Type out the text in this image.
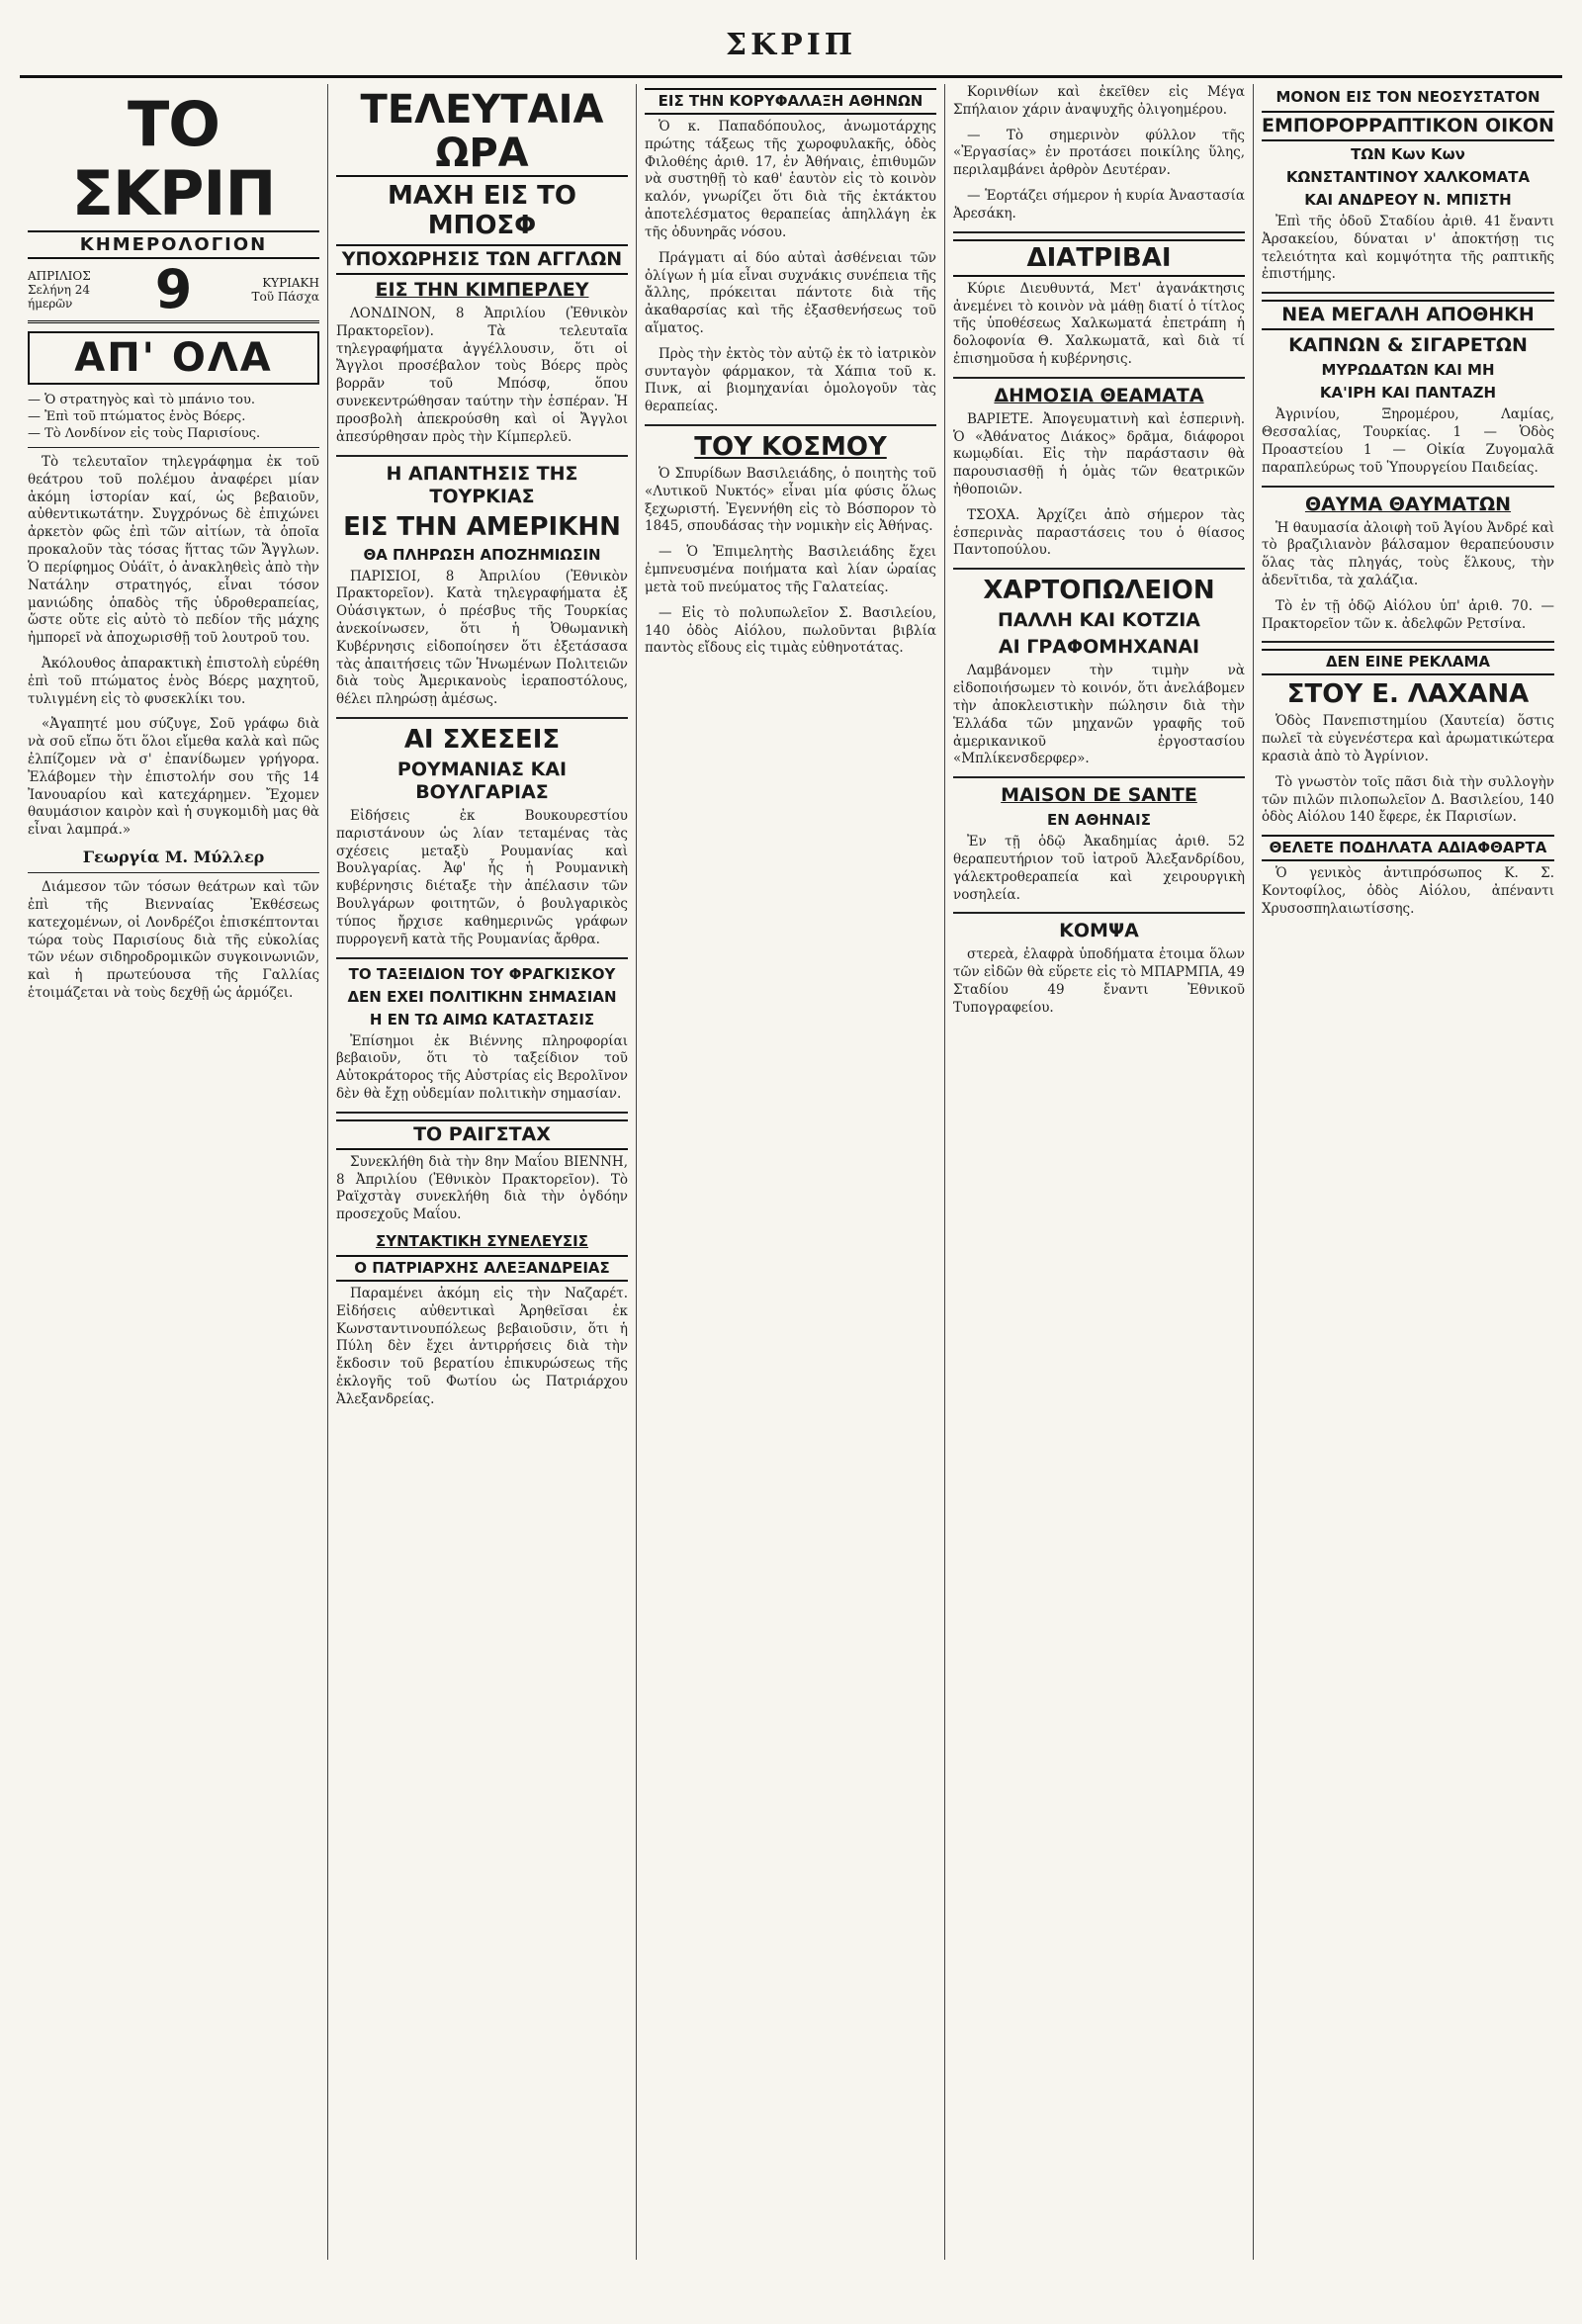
ΣΚΡΙΠ
ΤΟ ΣΚΡΙΠ
ΚΗΜΕΡΟΛΟΓΙΟΝ
ΑΠΡΙΛΙΟΣ
Σελήνη 24 ήμερῶν	9	ΚΥΡΙΑΚΗ
Τοῦ Πάσχα
ΑΠ' ΟΛΑ
— Ὁ στρατηγὸς καὶ τὸ μπάνιο του.
— Ἐπὶ τοῦ πτώματος ἑνὸς Βόερς.
— Τὸ Λονδίνον εἰς τοὺς Παρισίους.

Τὸ τελευταῖον τηλεγράφημα ἐκ τοῦ θεάτρου τοῦ πολέμου ἀναφέρει μίαν ἀκόμη ἱστορίαν καί, ὡς βεβαιοῦν, αὐθεντικωτάτην. Συγχρόνως δὲ ἐπιχώνει ἀρκετὸν φῶς ἐπὶ τῶν αἰτίων, τὰ ὁποῖα προκαλοῦν τὰς τόσας ἥττας τῶν Ἄγγλων. Ὁ περίφημος Οὐάϊτ, ὁ ἀνακληθεὶς ἀπὸ τὴν Νατάλην στρατηγός, εἶναι τόσον μανιώδης ὁπαδὸς τῆς ὑδροθεραπείας, ὥστε οὔτε εἰς αὐτὸ τὸ πεδίον τῆς μάχης ἠμπορεῖ νὰ ἀποχωρισθῇ τοῦ λουτροῦ του.

Ἀκόλουθος ἀπαρακτικὴ ἐπιστολὴ εὑρέθη ἐπὶ τοῦ πτώματος ἑνὸς Βόερς μαχητοῦ, τυλιγμένη εἰς τὸ φυσεκλίκι του.

«Ἀγαπητέ μου σύζυγε, Σοῦ γράφω διὰ νὰ σοῦ εἴπω ὅτι ὅλοι εἴμεθα καλὰ καὶ πῶς ἐλπίζομεν νὰ σ' ἐπανίδωμεν γρήγορα. Ἐλάβομεν τὴν ἐπιστολήν σου τῆς 14 Ἰανουαρίου καὶ κατεχάρημεν. Ἔχομεν θαυμάσιον καιρὸν καὶ ἡ συγκομιδὴ μας θὰ εἶναι λαμπρά.»

Γεωργία Μ. Μύλλερ

Διάμεσον τῶν τόσων θεάτρων καὶ τῶν ἐπὶ τῆς Βιενναίας Ἐκθέσεως κατεχομένων, οἱ Λονδρέζοι ἐπισκέπτονται τώρα τοὺς Παρισίους διὰ τῆς εὐκολίας τῶν νέων σιδηροδρομικῶν συγκοινωνιῶν, καὶ ἡ πρωτεύουσα τῆς Γαλλίας ἑτοιμάζεται νὰ τοὺς δεχθῇ ὡς ἁρμόζει.

ΤΕΛΕΥΤΑΙΑ ΩΡΑ
ΜΑΧΗ ΕΙΣ ΤΟ ΜΠΟΣΦ
ΥΠΟΧΩΡΗΣΙΣ ΤΩΝ ΑΓΓΛΩΝ
ΕΙΣ ΤΗΝ ΚΙΜΠΕΡΛΕΥ

ΛΟΝΔΙΝΟΝ, 8 Ἀπριλίου (Ἐθνικὸν Πρακτορεῖον). Τὰ τελευταῖα τηλεγραφήματα ἀγγέλλουσιν, ὅτι οἱ Ἄγγλοι προσέβαλον τοὺς Βόερς πρὸς βορρᾶν τοῦ Μπόσφ, ὅπου συνεκεντρώθησαν ταύτην τὴν ἑσπέραν. Ἡ προσβολὴ ἀπεκρούσθη καὶ οἱ Ἄγγλοι ἀπεσύρθησαν πρὸς τὴν Κίμπερλεϋ.

Η ΑΠΑΝΤΗΣΙΣ ΤΗΣ ΤΟΥΡΚΙΑΣ
ΕΙΣ ΤΗΝ ΑΜΕΡΙΚΗΝ
ΘΑ ΠΛΗΡΩΣΗ ΑΠΟΖΗΜΙΩΣΙΝ

ΠΑΡΙΣΙΟΙ, 8 Ἀπριλίου (Ἐθνικὸν Πρακτορεῖον). Κατὰ τηλεγραφήματα ἐξ Οὐάσιγκτων, ὁ πρέσβυς τῆς Τουρκίας ἀνεκοίνωσεν, ὅτι ἡ Ὀθωμανικὴ Κυβέρνησις εἰδοποίησεν ὅτι ἐξετάσασα τὰς ἀπαιτήσεις τῶν Ἡνωμένων Πολιτειῶν διὰ τοὺς Ἀμερικανοὺς ἱεραποστόλους, θέλει πληρώσῃ ἀμέσως.

ΑΙ ΣΧΕΣΕΙΣ
ΡΟΥΜΑΝΙΑΣ ΚΑΙ ΒΟΥΛΓΑΡΙΑΣ

Εἰδήσεις ἐκ Βουκουρεστίου παριστάνουν ὡς λίαν τεταμένας τὰς σχέσεις μεταξὺ Ρουμανίας καὶ Βουλγαρίας. Ἀφ' ἧς ἡ Ρουμανικὴ κυβέρνησις διέταξε τὴν ἀπέλασιν τῶν Βουλγάρων φοιτητῶν, ὁ βουλγαρικὸς τύπος ἤρχισε καθημερινῶς γράφων πυρρογενῆ κατὰ τῆς Ρουμανίας ἄρθρα.

ΤΟ ΤΑΞΕΙΔΙΟΝ ΤΟΥ ΦΡΑΓΚΙΣΚΟΥ
ΔΕΝ ΕΧΕΙ ΠΟΛΙΤΙΚΗΝ ΣΗΜΑΣΙΑΝ
Η ΕΝ ΤΩ ΑΙΜΩ ΚΑΤΑΣΤΑΣΙΣ

Ἐπίσημοι ἐκ Βιέννης πληροφορίαι βεβαιοῦν, ὅτι τὸ ταξείδιον τοῦ Αὐτοκράτορος τῆς Αὐστρίας εἰς Βερολῖνον δὲν θὰ ἔχῃ οὐδεμίαν πολιτικὴν σημασίαν.

ΤΟ ΡΑΙΓΣΤΑΧ

Συνεκλήθη διὰ τὴν 8ην Μαΐου ΒΙΕΝΝΗ, 8 Ἀπριλίου (Ἐθνικὸν Πρακτορεῖον). Τὸ Ραϊχστὰγ συνεκλήθη διὰ τὴν ὀγδόην προσεχοῦς Μαΐου.

ΣΥΝΤΑΚΤΙΚΗ ΣΥΝΕΛΕΥΣΙΣ
Ο ΠΑΤΡΙΑΡΧΗΣ ΑΛΕΞΑΝΔΡΕΙΑΣ

Παραμένει ἀκόμη εἰς τὴν Ναζαρέτ. Εἰδήσεις αὐθεντικαὶ Ἀρηθεῖσαι ἐκ Κωνσταντινουπόλεως βεβαιοῦσιν, ὅτι ἡ Πύλη δὲν ἔχει ἀντιρρήσεις διὰ τὴν ἔκδοσιν τοῦ βερατίου ἐπικυρώσεως τῆς ἐκλογῆς τοῦ Φωτίου ὡς Πατριάρχου Ἀλεξανδρείας.

ΕΙΣ ΤΗΝ ΚΟΡΥΦΑΛΑΞΗ ΑΘΗΝΩΝ

Ὁ κ. Παπαδόπουλος, ἀνωμοτάρχης πρώτης τάξεως τῆς χωροφυλακῆς, ὁδὸς Φιλοθέης ἀριθ. 17, ἐν Ἀθήναις, ἐπιθυμῶν νὰ συστηθῇ τὸ καθ' ἑαυτὸν εἰς τὸ κοινὸν καλόν, γνωρίζει ὅτι διὰ τῆς ἐκτάκτου ἀποτελέσματος θεραπείας ἀπηλλάγη ἐκ τῆς ὀδυνηρᾶς νόσου.

Πράγματι αἱ δύο αὐταὶ ἀσθένειαι τῶν ὀλίγων ἡ μία εἶναι συχνάκις συνέπεια τῆς ἄλλης, πρόκειται πάντοτε διὰ τῆς ἀκαθαρσίας καὶ τῆς ἐξασθενήσεως τοῦ αἵματος.

Πρὸς τὴν ἐκτὸς τὸν αὐτῷ ἐκ τὸ ἰατρικὸν συνταγὸν φάρμακον, τὰ Χάπια τοῦ κ. Πινκ, αἱ βιομηχανίαι ὁμολογοῦν τὰς θεραπείας.

ΤΟΥ ΚΟΣΜΟΥ

Ὁ Σπυρίδων Βασιλειάδης, ὁ ποιητὴς τοῦ «Λυτικοῦ Νυκτός» εἶναι μία φύσις ὅλως ξεχωριστή. Ἐγεννήθη εἰς τὸ Βόσπορον τὸ 1845, σπουδάσας τὴν νομικὴν εἰς Ἀθήνας.

— Ὁ Ἐπιμελητὴς Βασιλειάδης ἔχει ἐμπνευσμένα ποιήματα καὶ λίαν ὡραίας μετὰ τοῦ πνεύματος τῆς Γαλατείας.

— Εἰς τὸ πολυπωλεῖον Σ. Βασιλείου, 140 ὁδὸς Αἰόλου, πωλοῦνται βιβλία παντὸς εἴδους εἰς τιμὰς εὐθηνοτάτας.

Κορινθίων καὶ ἐκεῖθεν εἰς Μέγα Σπήλαιον χάριν ἀναψυχῆς ὀλιγοημέρου.

— Τὸ σημερινὸν φύλλον τῆς «Ἐργασίας» ἐν προτάσει ποικίλης ὕλης, περιλαμβάνει ἀρθρὸν Δευτέραν.

— Ἑορτάζει σήμερον ἡ κυρία Ἀναστασία Ἀρεσάκη.

ΔΙΑΤΡΙΒΑΙ

Κύριε Διευθυντά, Μετ' ἀγανάκτησις ἀνεμένει τὸ κοινὸν νὰ μάθῃ διατί ὁ τίτλος τῆς ὑποθέσεως Χαλκωματά ἐπετράπη ἡ δολοφονία Θ. Χαλκωματᾶ, καὶ διὰ τί ἐπισημοῦσα ἡ κυβέρνησις.

ΔΗΜΟΣΙΑ ΘΕΑΜΑΤΑ

ΒΑΡΙΕΤΕ. Ἀπογευματινὴ καὶ ἑσπερινὴ. Ὁ «Ἀθάνατος Διάκος» δρᾶμα, διάφοροι κωμῳδίαι. Εἰς τὴν παράστασιν θὰ παρουσιασθῇ ἡ ὁμὰς τῶν θεατρικῶν ἠθοποιῶν.

ΤΣΟΧΑ. Ἀρχίζει ἀπὸ σήμερον τὰς ἑσπερινὰς παραστάσεις του ὁ θίασος Παντοπούλου.

ΧΑΡΤΟΠΩΛΕΙΟΝ
ΠΑΛΛΗ ΚΑΙ ΚΟΤΖΙΑ
ΑΙ ΓΡΑΦΟΜΗΧΑΝΑΙ

Λαμβάνομεν τὴν τιμὴν νὰ εἰδοποιήσωμεν τὸ κοινόν, ὅτι ἀνελάβομεν τὴν ἀποκλειστικὴν πώλησιν διὰ τὴν Ἑλλάδα τῶν μηχανῶν γραφῆς τοῦ ἀμερικανικοῦ ἐργοστασίου «Μπλίκενσδερφερ».

MAISON DE SANTE
ΕΝ ΑΘΗΝΑΙΣ

Ἐν τῇ ὁδῷ Ἀκαδημίας ἀριθ. 52 θεραπευτήριον τοῦ ἰατροῦ Ἀλεξανδρίδου, γάλεκτροθεραπεία καὶ χειρουργικὴ νοσηλεία.

ΚΟΜΨΑ

στερεὰ, ἐλαφρὰ ὑποδήματα ἐτοιμα ὅλων τῶν εἰδῶν θὰ εὕρετε εἰς τὸ ΜΠΑΡΜΠΑ, 49 Σταδίου 49 ἔναντι Ἐθνικοῦ Τυπογραφείου.

ΜΟΝΟΝ ΕΙΣ ΤΟΝ ΝΕΟΣΥΣΤΑΤΟΝ
ΕΜΠΟΡΟΡΡΑΠΤΙΚΟΝ ΟΙΚΟΝ
ΤΩΝ Κων Κων
ΚΩΝΣΤΑΝΤΙΝΟΥ ΧΑΛΚΟΜΑΤΑ
ΚΑΙ ΑΝΔΡΕΟΥ Ν. ΜΠΙΣΤΗ

Ἐπὶ τῆς ὁδοῦ Σταδίου ἀριθ. 41 ἔναντι Ἀρσακείου, δύναται ν' ἀποκτήσῃ τις τελειότητα καὶ κομψότητα τῆς ραπτικῆς ἐπιστήμης.

ΝΕΑ ΜΕΓΑΛΗ ΑΠΟΘΗΚΗ
ΚΑΠΝΩΝ & ΣΙΓΑΡΕΤΩΝ
ΜΥΡΩΔΑΤΩΝ ΚΑΙ ΜΗ
ΚΑ'ΙΡΗ ΚΑΙ ΠΑΝΤΑΖΗ

Ἀγρινίου, Ξηρομέρου, Λαμίας, Θεσσαλίας, Τουρκίας. 1 — Ὁδὸς Προαστείου 1 — Οἰκία Ζυγομαλᾶ παραπλεύρως τοῦ Ὑπουργείου Παιδείας.

ΘΑΥΜΑ ΘΑΥΜΑΤΩΝ

Ἡ θαυμασία ἀλοιφὴ τοῦ Ἁγίου Ἀνδρέ καὶ τὸ βραζιλιανὸν βάλσαμον θεραπεύουσιν ὅλας τὰς πληγάς, τοὺς ἕλκους, τὴν ἀδενῖτιδα, τὰ χαλάζια.

Τὸ ἐν τῇ ὁδῷ Αἰόλου ὑπ' ἀριθ. 70. — Πρακτορεῖον τῶν κ. ἀδελφῶν Ρετσίνα.

ΔΕΝ ΕΙΝΕ ΡΕΚΛΑΜΑ
ΣΤΟΥ Ε. ΛΑΧΑΝΑ

Ὁδὸς Πανεπιστημίου (Χαυτεία) ὅστις πωλεῖ τὰ εὐγενέστερα καὶ ἀρωματικώτερα κρασιὰ ἀπὸ τὸ Ἀγρίνιον.

Τὸ γνωστὸν τοῖς πᾶσι διὰ τὴν συλλογὴν τῶν πιλῶν πιλοπωλεῖον Δ. Βασιλείου, 140 ὁδὸς Αἰόλου 140 ἔφερε, ἐκ Παρισίων.

ΘΕΛΕΤΕ ΠΟΔΗΛΑΤΑ ΑΔΙΑΦΘΑΡΤΑ

Ὁ γενικὸς ἀντιπρόσωπος Κ. Σ. Κοντοφίλος, ὁδὸς Αἰόλου, ἀπέναντι Χρυσοσπηλαιωτίσσης.
